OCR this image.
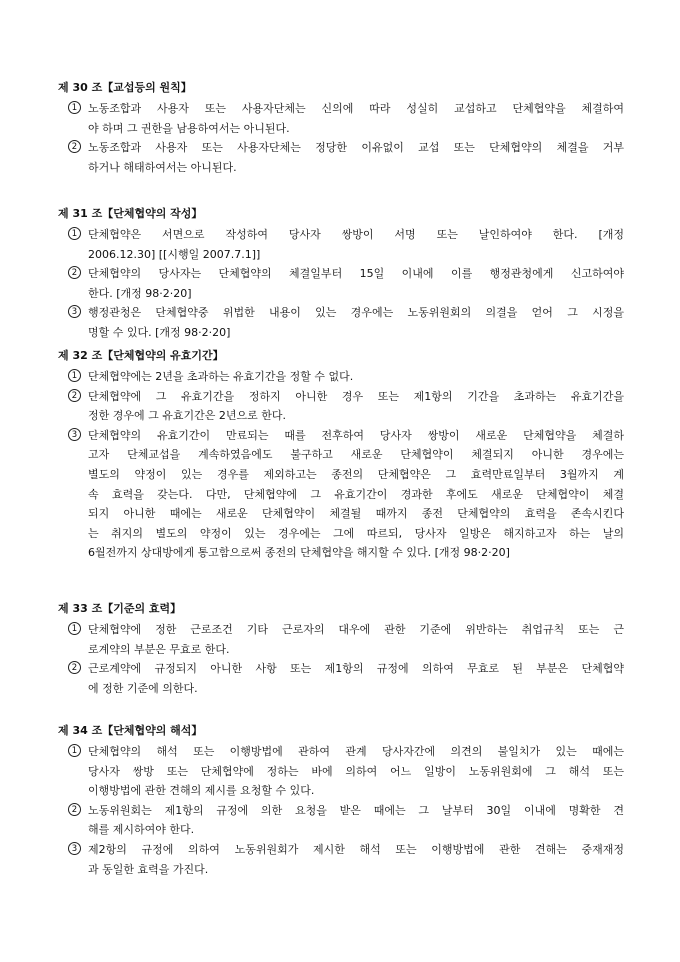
제 30 조【교섭등의 원칙】
1 노동조합과 사용자 또는 사용자단체는 신의에 따라 성실히 교섭하고 단체협약을 체결하여
야 하며 그 권한을 남용하여서는 아니된다.
2 노동조합과 사용자 또는 사용자단체는 정당한 이유없이 교섭 또는 단체협약의 체결을 거부
하거나 해태하여서는 아니된다.
제 31 조【단체협약의 작성】
1 단체협약은 서면으로 작성하여 당사자 쌍방이 서명 또는 날인하여야 한다. [개정
2006.12.30] [[시행일 2007.7.1]]
2 단체협약의 당사자는 단체협약의 체결일부터 15일 이내에 이를 행정관청에게 신고하여야
한다. [개정 98·2·20]
3 행정관청은 단체협약중 위법한 내용이 있는 경우에는 노동위원회의 의결을 얻어 그 시정을
명할 수 있다. [개정 98·2·20]
제 32 조【단체협약의 유효기간】
1 단체협약에는 2년을 초과하는 유효기간을 정할 수 없다.
2 단체협약에 그 유효기간을 정하지 아니한 경우 또는 제1항의 기간을 초과하는 유효기간을
정한 경우에 그 유효기간은 2년으로 한다.
3 단체협약의 유효기간이 만료되는 때를 전후하여 당사자 쌍방이 새로운 단체협약을 체결하
고자 단체교섭을 계속하였음에도 불구하고 새로운 단체협약이 체결되지 아니한 경우에는
별도의 약정이 있는 경우를 제외하고는 종전의 단체협약은 그 효력만료일부터 3월까지 계
속 효력을 갖는다. 다만, 단체협약에 그 유효기간이 경과한 후에도 새로운 단체협약이 체결
되지 아니한 때에는 새로운 단체협약이 체결될 때까지 종전 단체협약의 효력을 존속시킨다
는 취지의 별도의 약정이 있는 경우에는 그에 따르되, 당사자 일방은 해지하고자 하는 날의
6월전까지 상대방에게 통고함으로써 종전의 단체협약을 해지할 수 있다. [개정 98·2·20]
제 33 조【기준의 효력】
1 단체협약에 정한 근로조건 기타 근로자의 대우에 관한 기준에 위반하는 취업규칙 또는 근
로계약의 부분은 무효로 한다.
2 근로계약에 규정되지 아니한 사항 또는 제1항의 규정에 의하여 무효로 된 부분은 단체협약
에 정한 기준에 의한다.
제 34 조【단체협약의 해석】
1 단체협약의 해석 또는 이행방법에 관하여 관계 당사자간에 의견의 불일치가 있는 때에는
당사자 쌍방 또는 단체협약에 정하는 바에 의하여 어느 일방이 노동위원회에 그 해석 또는
이행방법에 관한 견해의 제시를 요청할 수 있다.
2 노동위원회는 제1항의 규정에 의한 요청을 받은 때에는 그 날부터 30일 이내에 명확한 견
해를 제시하여야 한다.
3 제2항의 규정에 의하여 노동위원회가 제시한 해석 또는 이행방법에 관한 견해는 중재재정
과 동일한 효력을 가진다.
